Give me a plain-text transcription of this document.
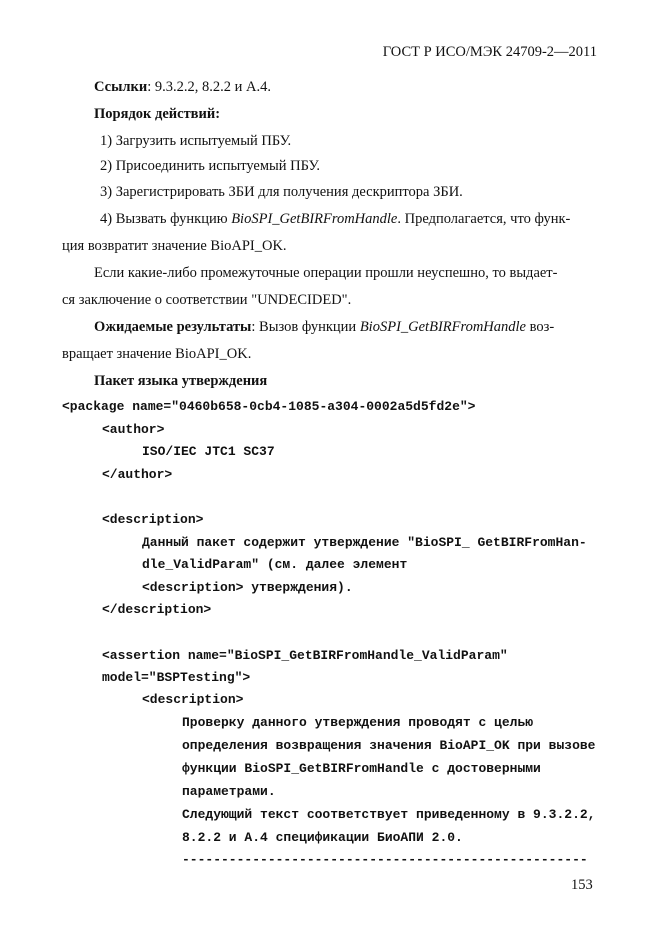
ГОСТ Р ИСО/МЭК 24709-2—2011
Ссылки: 9.3.2.2, 8.2.2 и А.4.
Порядок действий:
1) Загрузить испытуемый ПБУ.
2) Присоединить испытуемый ПБУ.
3) Зарегистрировать ЗБИ для получения дескриптора ЗБИ.
4) Вызвать функцию BioSPI_GetBIRFromHandle. Предполагается, что функ-
ция возвратит значение BioAPI_OK.
Если какие-либо промежуточные операции прошли неуспешно, то выдает-
ся заключение о соответствии "UNDECIDED".
Ожидаемые результаты: Вызов функции BioSPI_GetBIRFromHandle воз-
вращает значение BioAPI_OK.
Пакет языка утверждения
<package name="0460b658-0cb4-1085-a304-0002a5d5fd2e">
<author>
ISO/IEC JTC1 SC37
</author>
<description>
Данный пакет содержит утверждение "BioSPI_ GetBIRFromHan-
dle_ValidParam" (см. далее элемент
<description> утверждения).
</description>
<assertion name="BioSPI_GetBIRFromHandle_ValidParam"
model="BSPTesting">
<description>
Проверку данного утверждения проводят с целью
определения возвращения значения BioAPI_OK при вызове
функции BioSPI_GetBIRFromHandle с достоверными
параметрами.
Следующий текст соответствует приведенному в 9.3.2.2,
8.2.2 и А.4 спецификации БиоАПИ 2.0.
----------------------------------------------------
153
